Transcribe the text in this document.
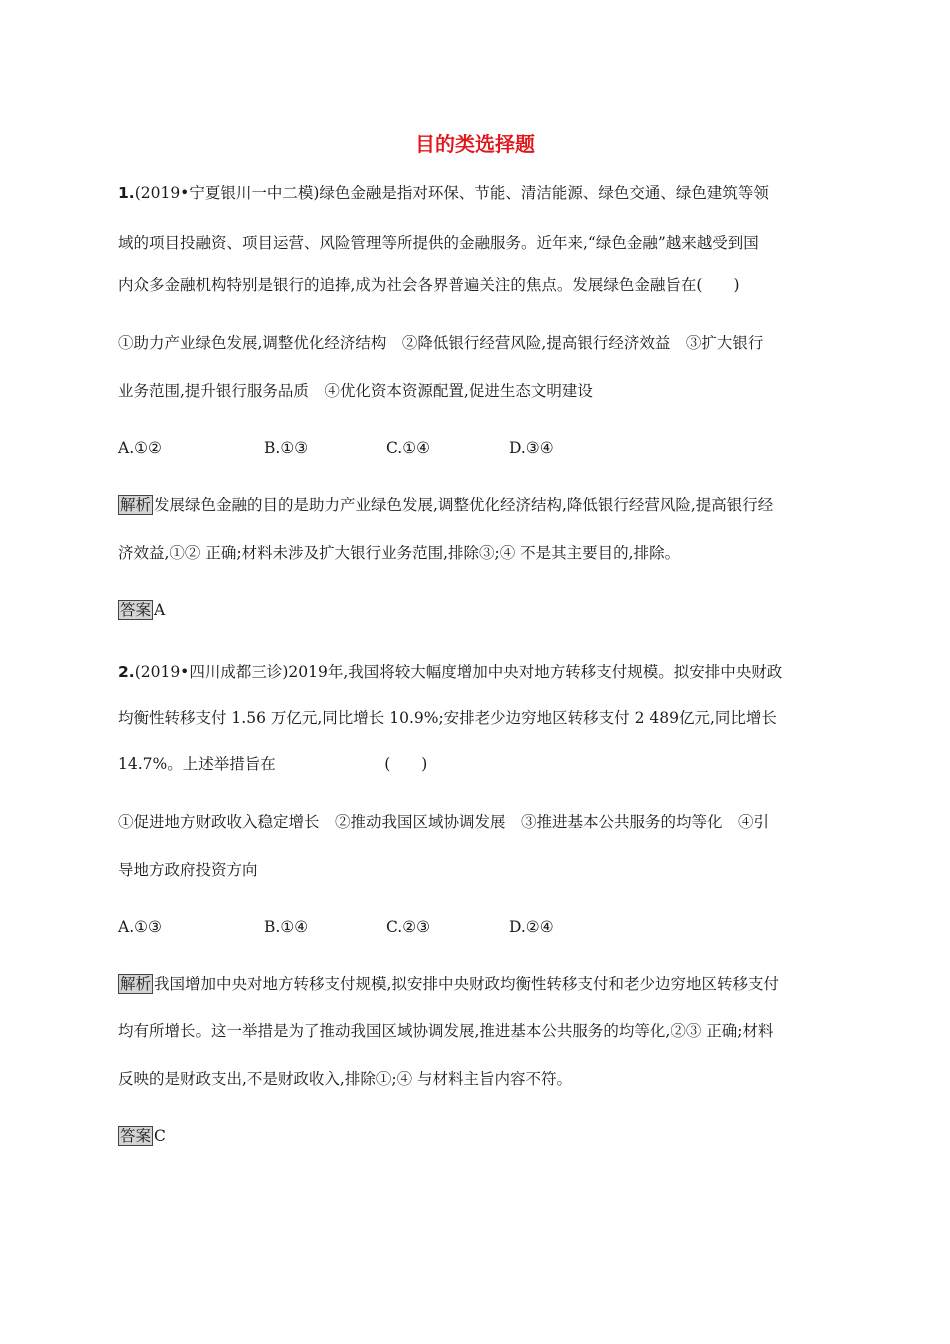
目的类选择题
1.(2019•宁夏银川一中二模)绿色金融是指对环保、节能、清洁能源、绿色交通、绿色建筑等领
域的项目投融资、项目运营、风险管理等所提供的金融服务。近年来,“绿色金融”越来越受到国
内众多金融机构特别是银行的追捧,成为社会各界普遍关注的焦点。发展绿色金融旨在(　　)
①助力产业绿色发展,调整优化经济结构　②降低银行经营风险,提高银行经济效益　③扩大银行
业务范围,提升银行服务品质　④优化资本资源配置,促进生态文明建设
A.①②	B.①③	C.①④	D.③④
解析 发展绿色金融的目的是助力产业绿色发展,调整优化经济结构,降低银行经营风险,提高银行经
济效益,①② 正确;材料未涉及扩大银行业务范围,排除③;④ 不是其主要目的,排除。
答案 A
2.(2019•四川成都三诊)2019年,我国将较大幅度增加中央对地方转移支付规模。拟安排中央财政
均衡性转移支付 1.56 万亿元,同比增长 10.9%;安排老少边穷地区转移支付 2 489亿元,同比增长
14.7%。上述举措旨在　　　　　　　(　　)
①促进地方财政收入稳定增长　②推动我国区域协调发展　③推进基本公共服务的均等化　④引
导地方政府投资方向
A.①③	B.①④	C.②③	D.②④
解析 我国增加中央对地方转移支付规模,拟安排中央财政均衡性转移支付和老少边穷地区转移支付
均有所增长。这一举措是为了推动我国区域协调发展,推进基本公共服务的均等化,②③ 正确;材料
反映的是财政支出,不是财政收入,排除①;④ 与材料主旨内容不符。
答案 C
